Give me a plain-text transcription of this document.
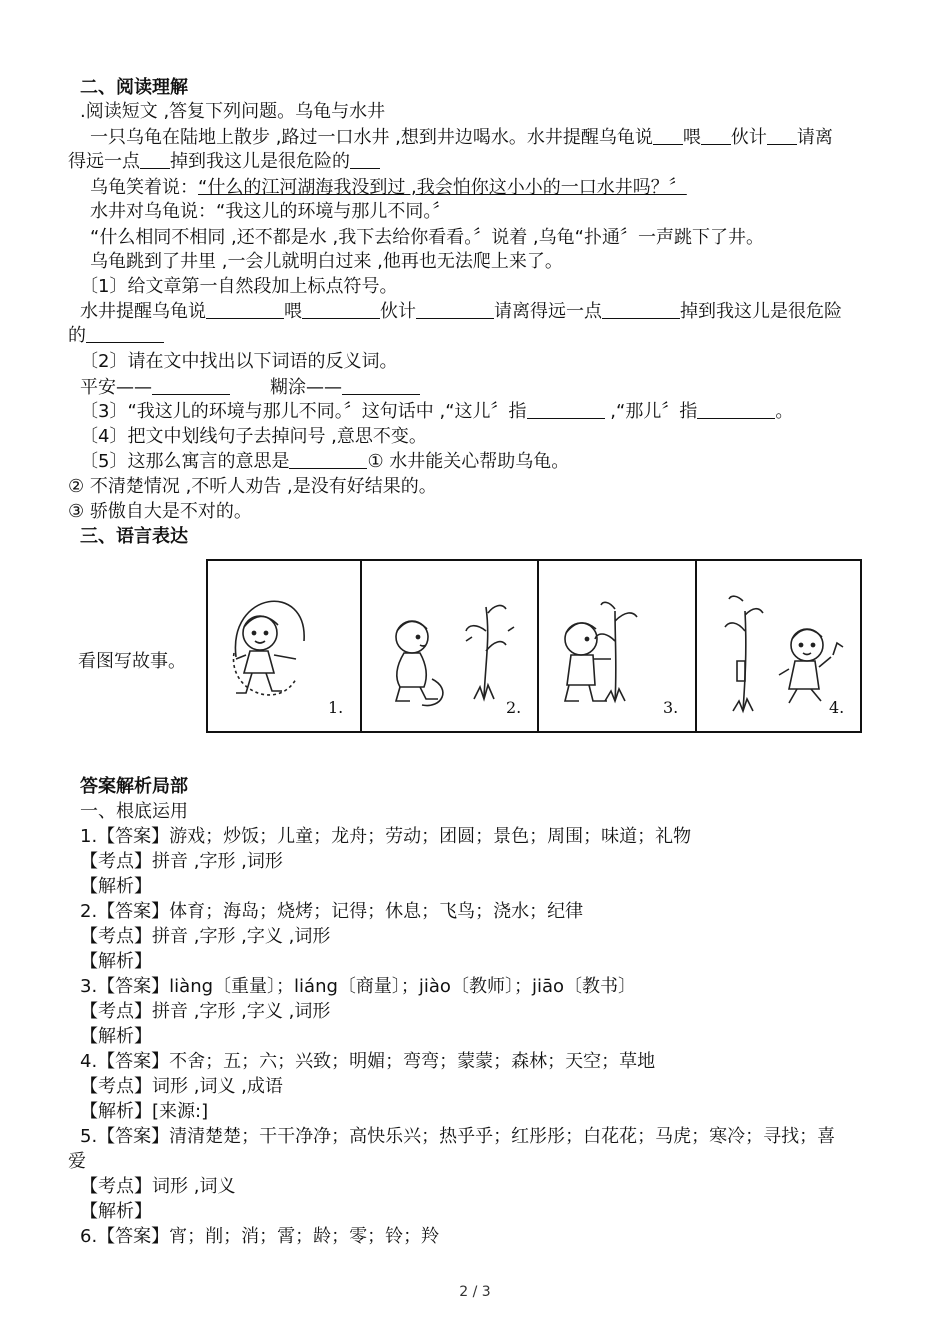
二、阅读理解
.阅读短文 ,答复下列问题。乌龟与水井
一只乌龟在陆地上散步 ,路过一口水井 ,想到井边喝水。水井提醒乌龟说 喂 伙计 请离
得远一点 掉到我这儿是很危险的
乌龟笑着说：“什么的江河湖海我没到过 ,我会怕你这小小的一口水井吗？〞
水井对乌龟说：“我这儿的环境与那儿不同。〞
“什么相同不相同 ,还不都是水 ,我下去给你看看。〞说着 ,乌龟“扑通〞一声跳下了井。
乌龟跳到了井里 ,一会儿就明白过来 ,他再也无法爬上来了。
〔1〕给文章第一自然段加上标点符号。
水井提醒乌龟说	喂	伙计	请离得远一点	掉到我这儿是很危险
的
〔2〕请在文中找出以下词语的反义词。
平安——	糊涂——
〔3〕“我这儿的环境与那儿不同。〞这句话中 ,“这儿〞指	,“那儿〞指	。
〔4〕把文中划线句子去掉问号 ,意思不变。
〔5〕这那么寓言的意思是	① 水井能关心帮助乌龟。
② 不清楚情况 ,不听人劝告 ,是没有好结果的。
③ 骄傲自大是不对的。
三、语言表达
看图写故事。
1.	2.	3.	4.
答案解析局部
一、根底运用
1.【答案】游戏；炒饭；儿童；龙舟；劳动；团圆；景色；周围；味道；礼物
【考点】拼音 ,字形 ,词形
【解析】
2.【答案】体育；海岛；烧烤；记得；休息；飞鸟；浇水；纪律
【考点】拼音 ,字形 ,字义 ,词形
【解析】
3.【答案】liàng〔重量〕；liáng〔商量〕；jiào〔教师〕；jiāo〔教书〕
【考点】拼音 ,字形 ,字义 ,词形
【解析】
4.【答案】不舍；五；六；兴致；明媚；弯弯；蒙蒙；森林；天空；草地
【考点】词形 ,词义 ,成语
【解析】[来源:]
5.【答案】清清楚楚；干干净净；高快乐兴；热乎乎；红彤彤；白花花；马虎；寒冷；寻找；喜
爱
【考点】词形 ,词义
【解析】
6.【答案】宵；削；消；霄；龄；零；铃；羚
2 / 3
